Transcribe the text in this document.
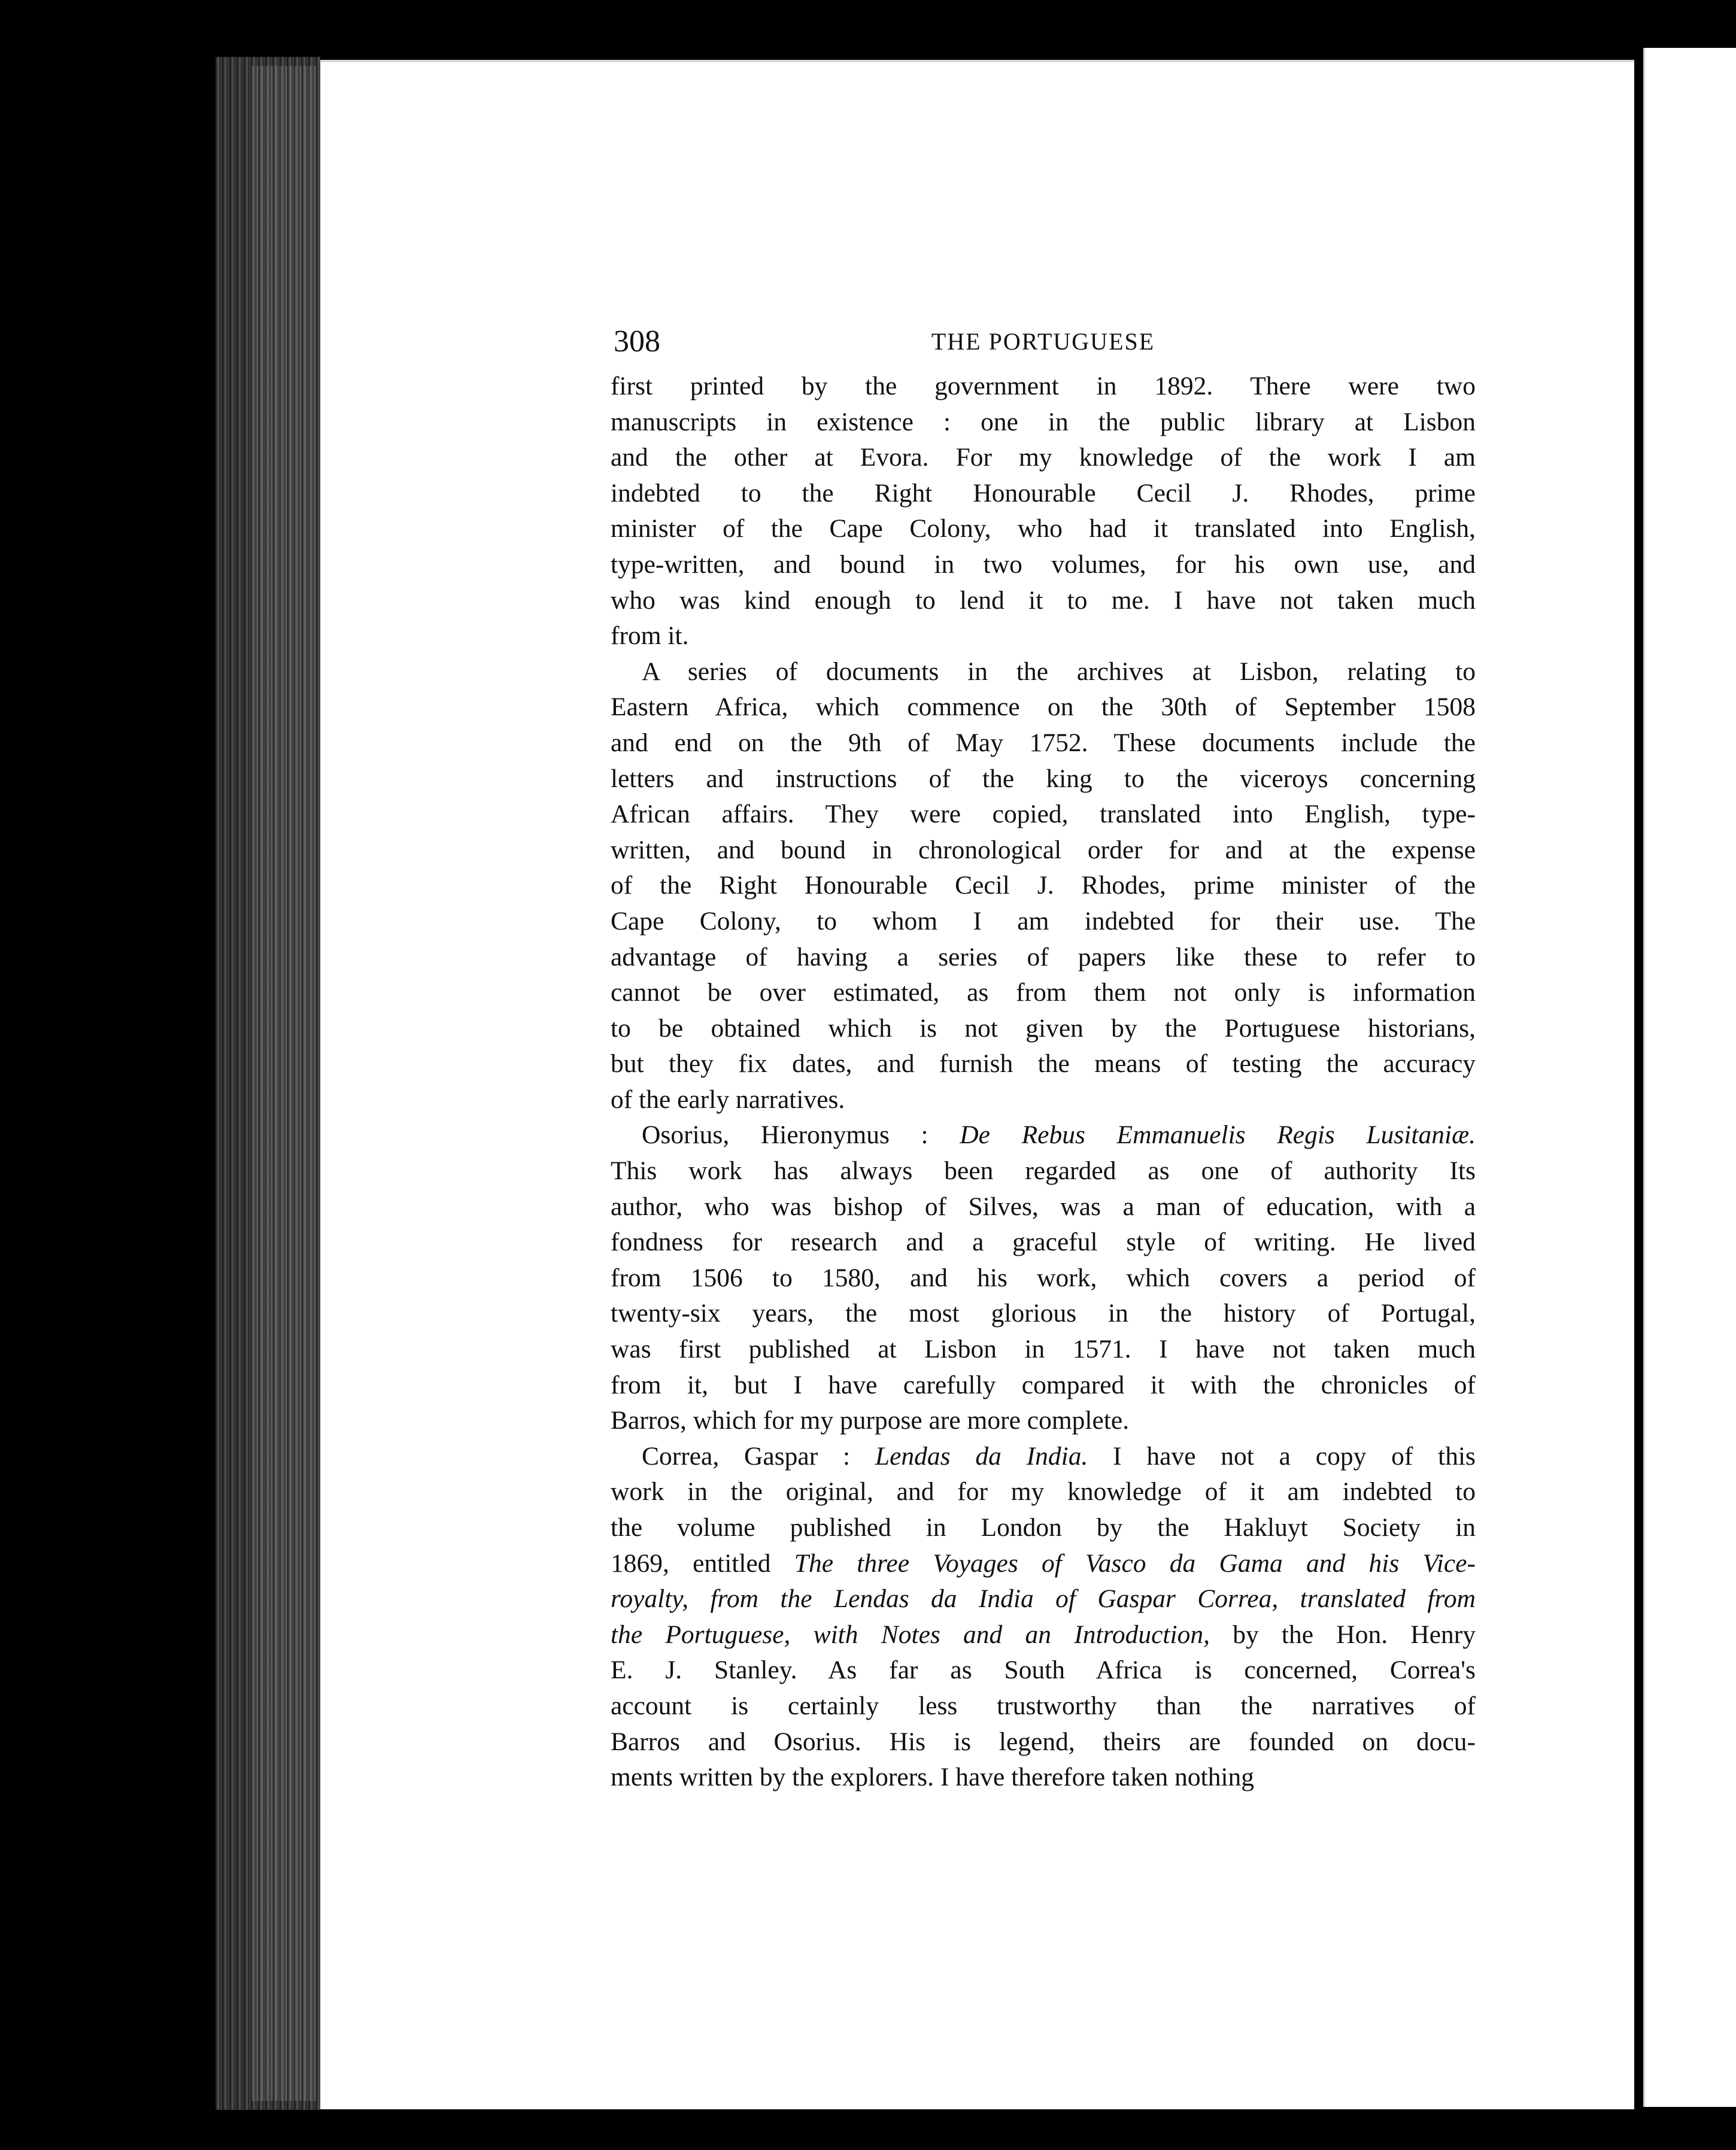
308	THE PORTUGUESE
first printed by the government in 1892. There were two
manuscripts in existence : one in the public library at Lisbon
and the other at Evora. For my knowledge of the work I am
indebted to the Right Honourable Cecil J. Rhodes, prime
minister of the Cape Colony, who had it translated into English,
type-written, and bound in two volumes, for his own use, and
who was kind enough to lend it to me. I have not taken much
from it.
A series of documents in the archives at Lisbon, relating to
Eastern Africa, which commence on the 30th of September 1508
and end on the 9th of May 1752. These documents include the
letters and instructions of the king to the viceroys concerning
African affairs. They were copied, translated into English, type-
written, and bound in chronological order for and at the expense
of the Right Honourable Cecil J. Rhodes, prime minister of the
Cape Colony, to whom I am indebted for their use. The
advantage of having a series of papers like these to refer to
cannot be over estimated, as from them not only is information
to be obtained which is not given by the Portuguese historians,
but they fix dates, and furnish the means of testing the accuracy
of the early narratives.
Osorius, Hieronymus : De Rebus Emmanuelis Regis Lusitaniæ.
This work has always been regarded as one of authority Its
author, who was bishop of Silves, was a man of education, with a
fondness for research and a graceful style of writing. He lived
from 1506 to 1580, and his work, which covers a period of
twenty-six years, the most glorious in the history of Portugal,
was first published at Lisbon in 1571. I have not taken much
from it, but I have carefully compared it with the chronicles of
Barros, which for my purpose are more complete.
Correa, Gaspar : Lendas da India. I have not a copy of this
work in the original, and for my knowledge of it am indebted to
the volume published in London by the Hakluyt Society in
1869, entitled The three Voyages of Vasco da Gama and his Vice-
royalty, from the Lendas da India of Gaspar Correa, translated from
the Portuguese, with Notes and an Introduction, by the Hon. Henry
E. J. Stanley. As far as South Africa is concerned, Correa's
account is certainly less trustworthy than the narratives of
Barros and Osorius. His is legend, theirs are founded on docu-
ments written by the explorers. I have therefore taken nothing
